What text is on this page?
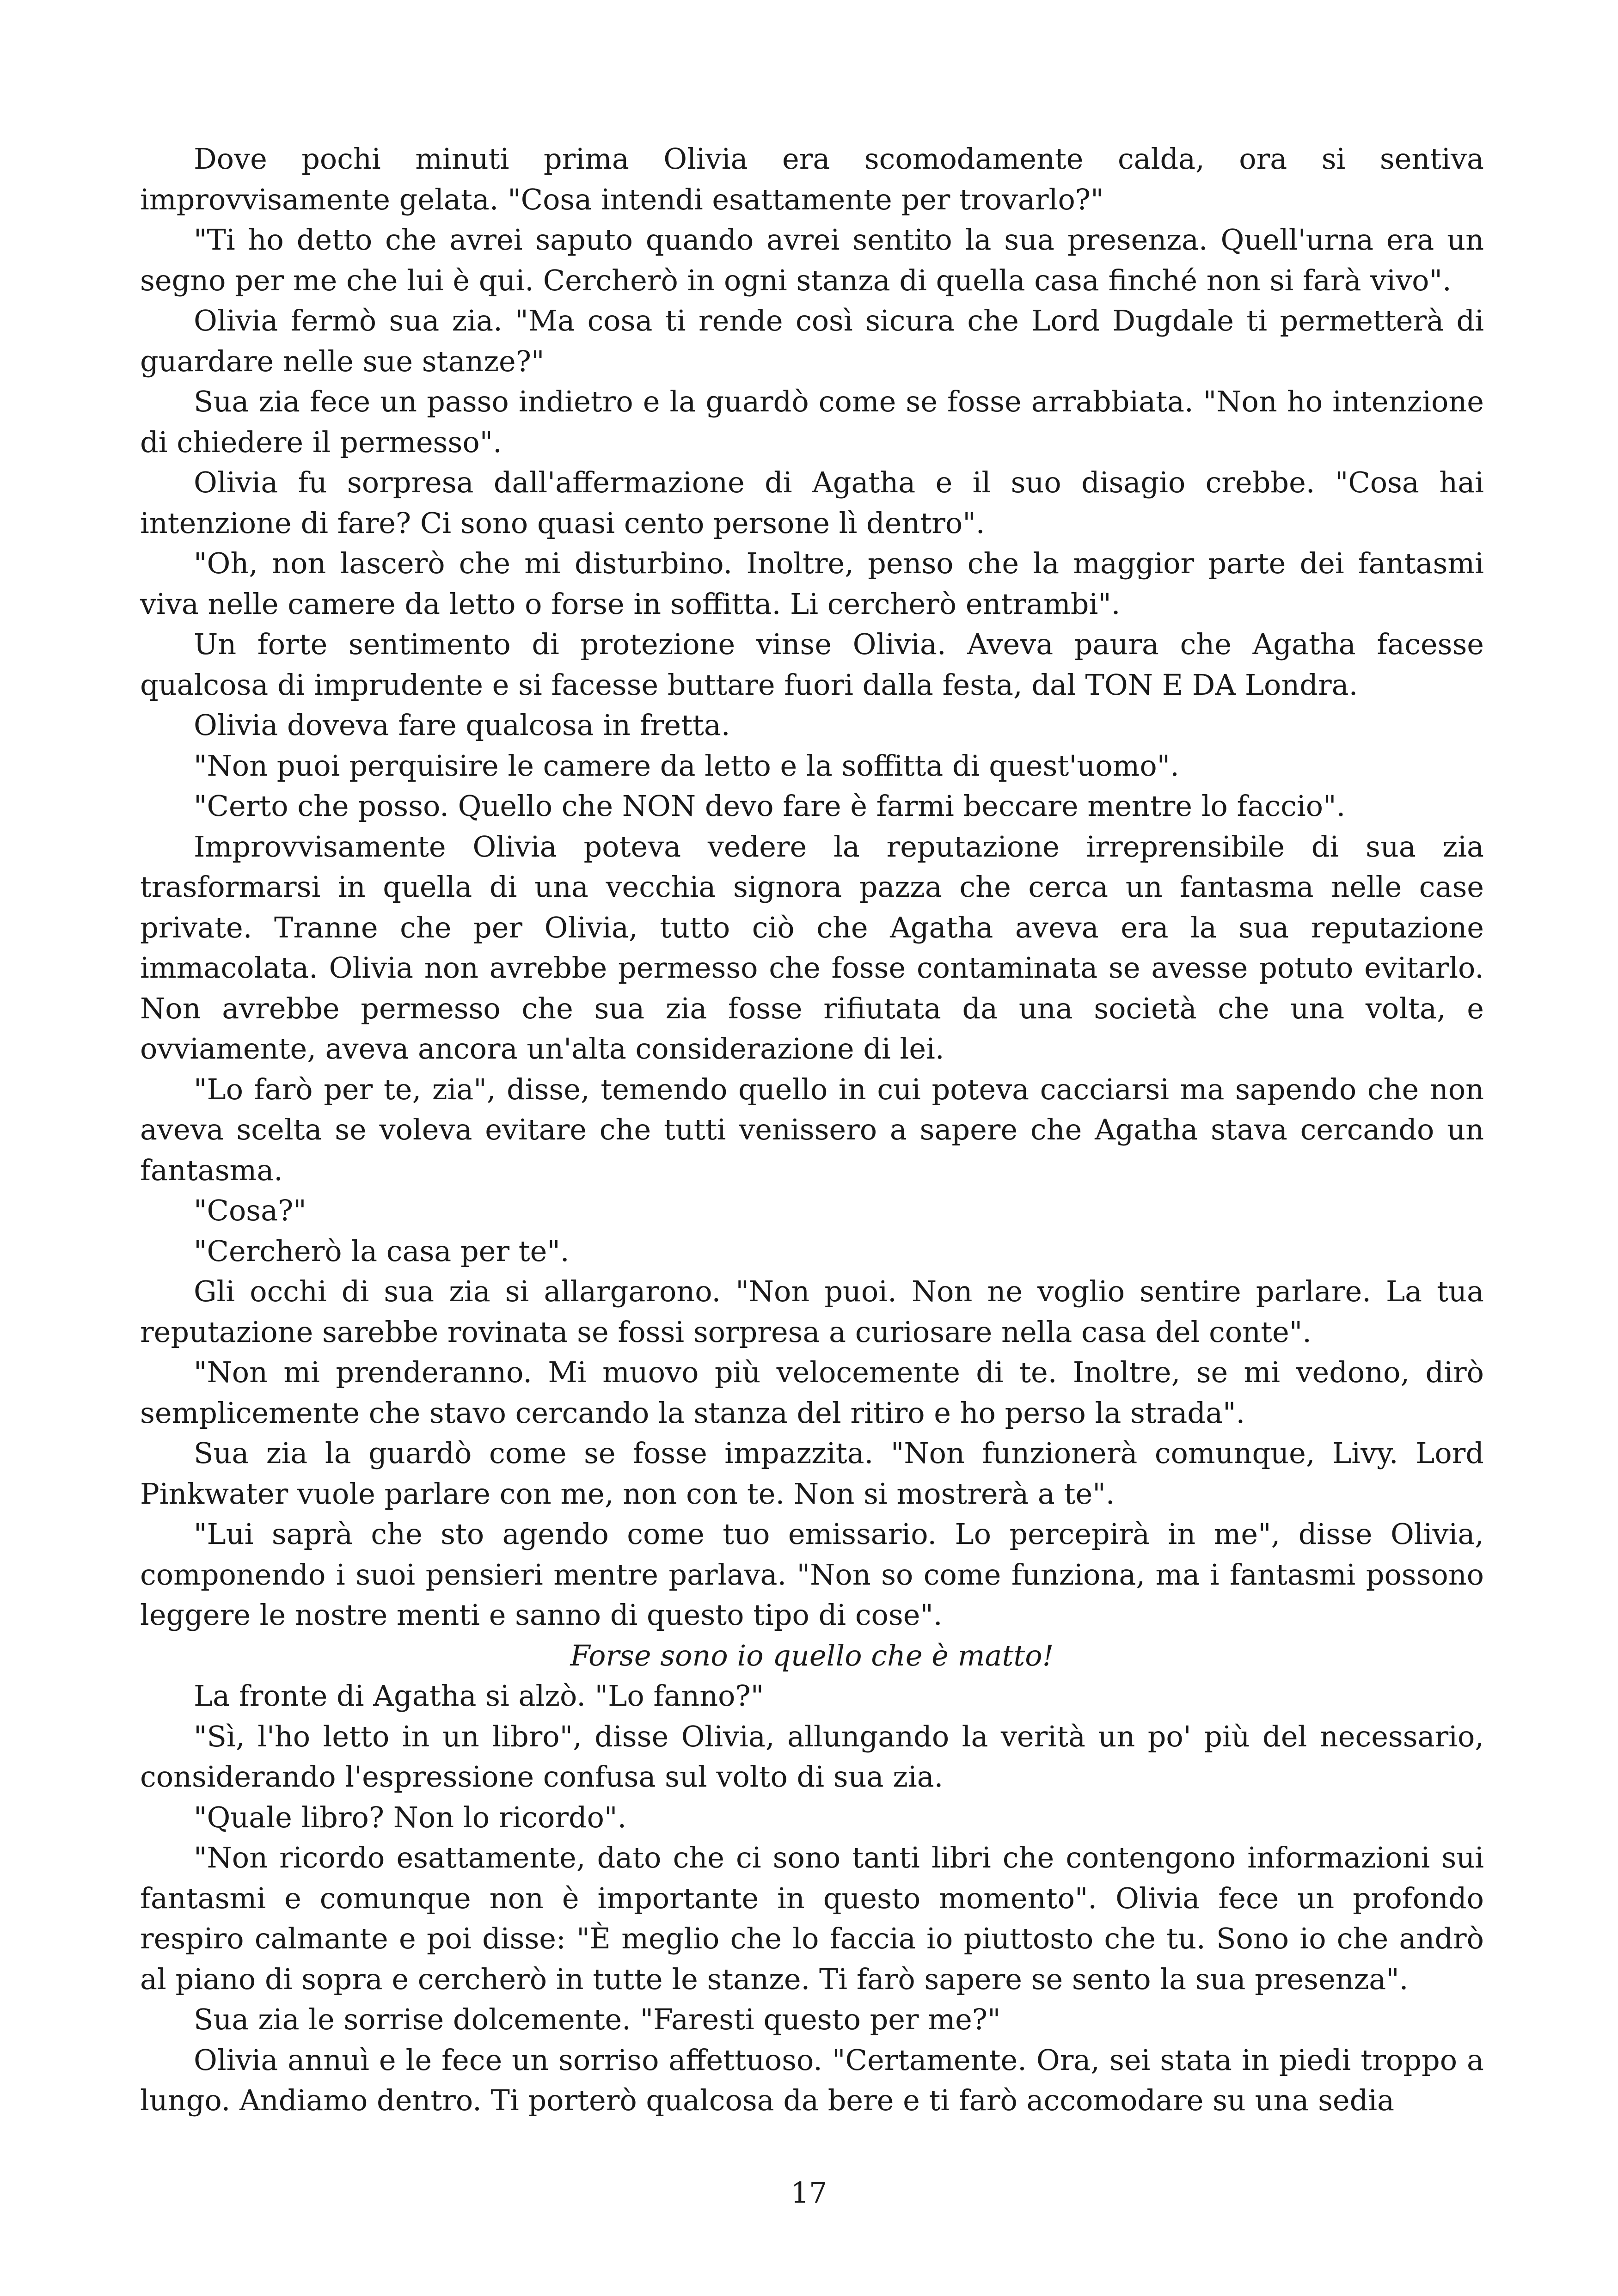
Dove pochi minuti prima Olivia era scomodamente calda, ora si sentiva improvvisamente gelata. "Cosa intendi esattamente per trovarlo?"

"Ti ho detto che avrei saputo quando avrei sentito la sua presenza. Quell'urna era un segno per me che lui è qui. Cercherò in ogni stanza di quella casa finché non si farà vivo".

Olivia fermò sua zia. "Ma cosa ti rende così sicura che Lord Dugdale ti permetterà di guardare nelle sue stanze?"

Sua zia fece un passo indietro e la guardò come se fosse arrabbiata. "Non ho intenzione di chiedere il permesso".

Olivia fu sorpresa dall'affermazione di Agatha e il suo disagio crebbe. "Cosa hai intenzione di fare? Ci sono quasi cento persone lì dentro".

"Oh, non lascerò che mi disturbino. Inoltre, penso che la maggior parte dei fantasmi viva nelle camere da letto o forse in soffitta. Li cercherò entrambi".

Un forte sentimento di protezione vinse Olivia. Aveva paura che Agatha facesse qualcosa di imprudente e si facesse buttare fuori dalla festa, dal TON E DA Londra.

Olivia doveva fare qualcosa in fretta.

"Non puoi perquisire le camere da letto e la soffitta di quest'uomo".

"Certo che posso. Quello che NON devo fare è farmi beccare mentre lo faccio".

Improvvisamente Olivia poteva vedere la reputazione irreprensibile di sua zia trasformarsi in quella di una vecchia signora pazza che cerca un fantasma nelle case private. Tranne che per Olivia, tutto ciò che Agatha aveva era la sua reputazione immacolata. Olivia non avrebbe permesso che fosse contaminata se avesse potuto evitarlo. Non avrebbe permesso che sua zia fosse rifiutata da una società che una volta, e ovviamente, aveva ancora un'alta considerazione di lei.

"Lo farò per te, zia", disse, temendo quello in cui poteva cacciarsi ma sapendo che non aveva scelta se voleva evitare che tutti venissero a sapere che Agatha stava cercando un fantasma.

"Cosa?"

"Cercherò la casa per te".

Gli occhi di sua zia si allargarono. "Non puoi. Non ne voglio sentire parlare. La tua reputazione sarebbe rovinata se fossi sorpresa a curiosare nella casa del conte".

"Non mi prenderanno. Mi muovo più velocemente di te. Inoltre, se mi vedono, dirò semplicemente che stavo cercando la stanza del ritiro e ho perso la strada".

Sua zia la guardò come se fosse impazzita. "Non funzionerà comunque, Livy. Lord Pinkwater vuole parlare con me, non con te. Non si mostrerà a te".

"Lui saprà che sto agendo come tuo emissario. Lo percepirà in me", disse Olivia, componendo i suoi pensieri mentre parlava. "Non so come funziona, ma i fantasmi possono leggere le nostre menti e sanno di questo tipo di cose".

Forse sono io quello che è matto!

La fronte di Agatha si alzò. "Lo fanno?"

"Sì, l'ho letto in un libro", disse Olivia, allungando la verità un po' più del necessario, considerando l'espressione confusa sul volto di sua zia.

"Quale libro? Non lo ricordo".

"Non ricordo esattamente, dato che ci sono tanti libri che contengono informazioni sui fantasmi e comunque non è importante in questo momento". Olivia fece un profondo respiro calmante e poi disse: "È meglio che lo faccia io piuttosto che tu. Sono io che andrò al piano di sopra e cercherò in tutte le stanze. Ti farò sapere se sento la sua presenza".

Sua zia le sorrise dolcemente. "Faresti questo per me?"

Olivia annuì e le fece un sorriso affettuoso. "Certamente. Ora, sei stata in piedi troppo a lungo. Andiamo dentro. Ti porterò qualcosa da bere e ti farò accomodare su una sedia

17
